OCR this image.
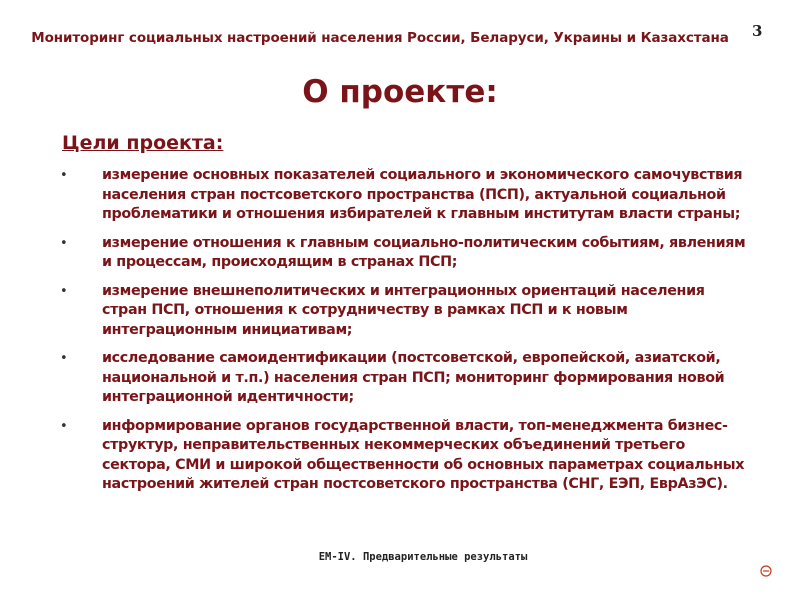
Мониторинг социальных настроений населения России, Беларуси, Украины и Казахстана	3
О проекте:
Цели проекта:
• измерение основных показателей социального и экономического самочувствия населения стран постсоветского пространства (ПСП), актуальной социальной проблематики и отношения избирателей к главным институтам власти страны;
• измерение отношения к главным социально-политическим событиям, явлениям и процессам, происходящим в странах ПСП;
• измерение внешнеполитических и интеграционных ориентаций населения стран ПСП, отношения к сотрудничеству в рамках ПСП и к новым интеграционным инициативам;
• исследование самоидентификации (постсоветской, европейской, азиатской, национальной и т.п.) населения стран ПСП; мониторинг формирования новой интеграционной идентичности;
• информирование органов государственной власти, топ-менеджмента бизнес-структур, неправительственных некоммерческих объединений третьего сектора, СМИ и широкой общественности об основных параметрах социальных настроений жителей стран постсоветского пространства (СНГ, ЕЭП, ЕврАзЭС).
EM-IV. Предварительные результаты
